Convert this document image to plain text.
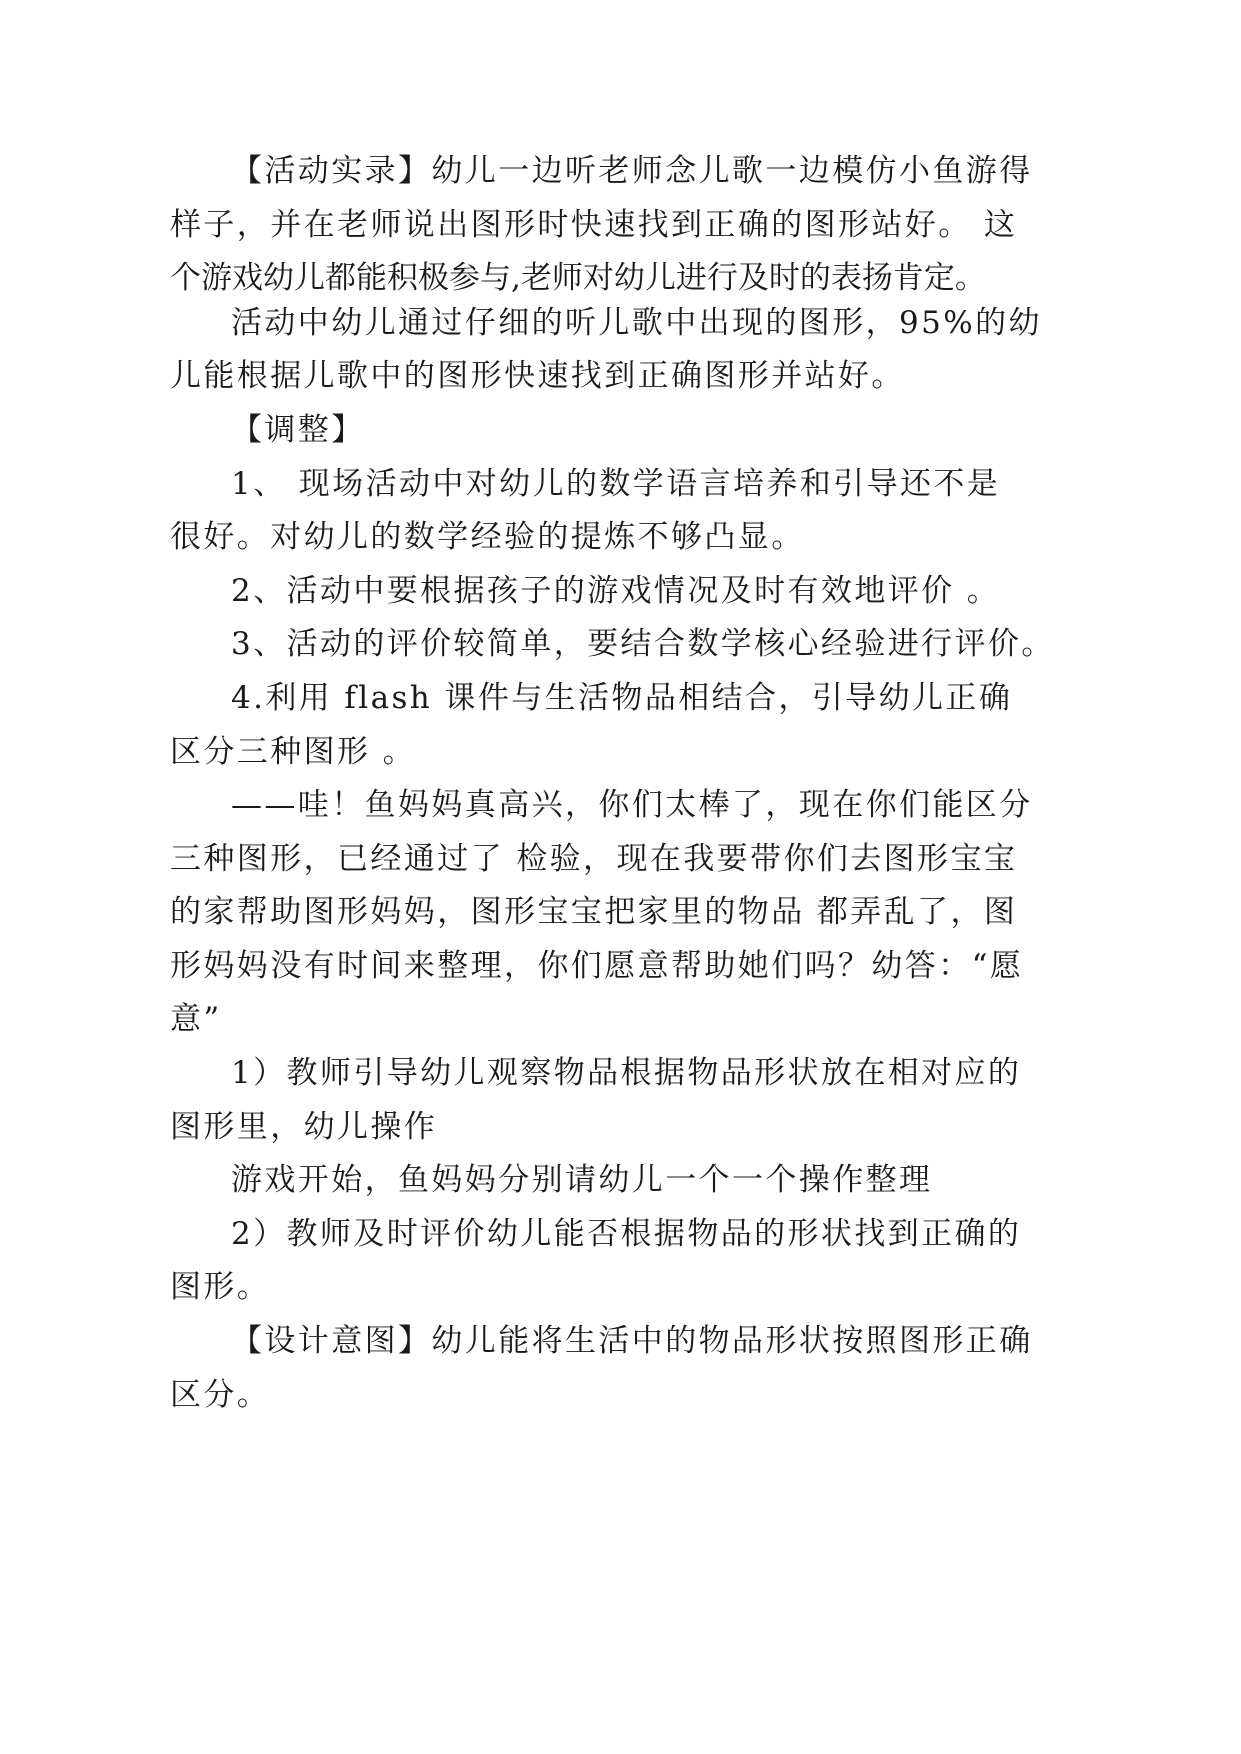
【活动实录】幼儿一边听老师念儿歌一边模仿小鱼游得
样子，并在老师说出图形时快速找到正确的图形站好。 这
个游戏幼儿都能积极参与,老师对幼儿进行及时的表扬肯定。
活动中幼儿通过仔细的听儿歌中出现的图形，95%的幼
儿能根据儿歌中的图形快速找到正确图形并站好。
【调整】
1、 现场活动中对幼儿的数学语言培养和引导还不是
很好。对幼儿的数学经验的提炼不够凸显。
2、活动中要根据孩子的游戏情况及时有效地评价 。
3、活动的评价较简单，要结合数学核心经验进行评价。
4.利用 flash 课件与生活物品相结合，引导幼儿正确
区分三种图形 。
——哇！鱼妈妈真高兴，你们太棒了，现在你们能区分
三种图形，已经通过了 检验，现在我要带你们去图形宝宝
的家帮助图形妈妈，图形宝宝把家里的物品 都弄乱了，图
形妈妈没有时间来整理，你们愿意帮助她们吗？幼答：“愿
意”
1）教师引导幼儿观察物品根据物品形状放在相对应的
图形里，幼儿操作
游戏开始，鱼妈妈分别请幼儿一个一个操作整理
2）教师及时评价幼儿能否根据物品的形状找到正确的
图形。
【设计意图】幼儿能将生活中的物品形状按照图形正确
区分。
